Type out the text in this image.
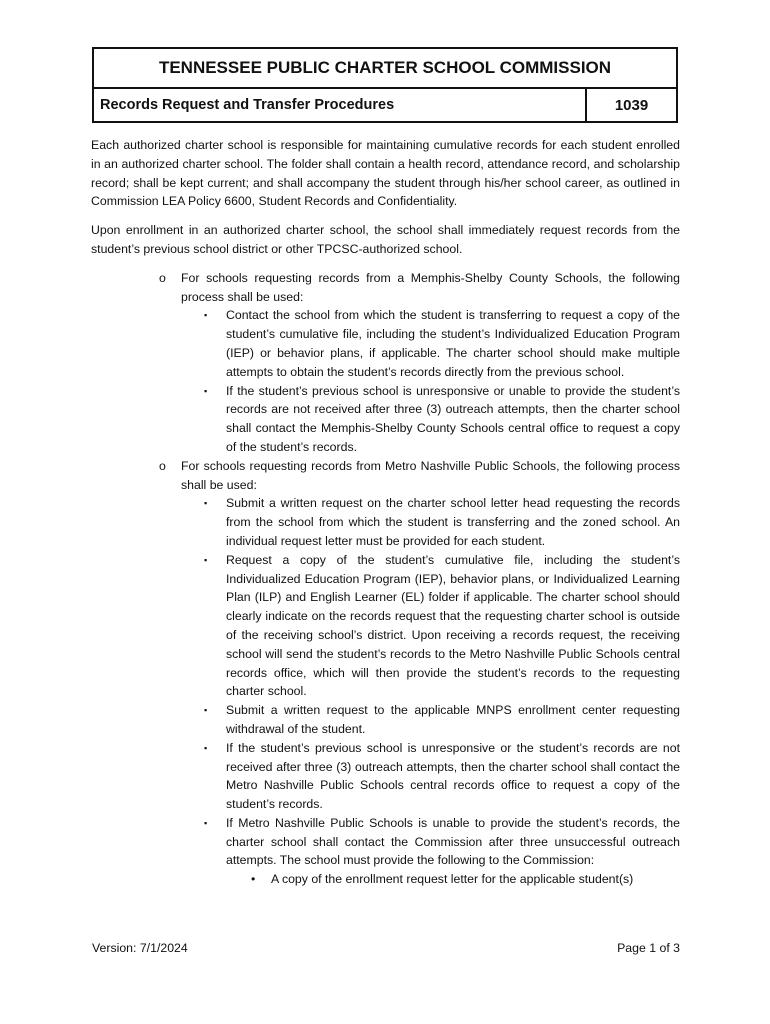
TENNESSEE PUBLIC CHARTER SCHOOL COMMISSION
Records Request and Transfer Procedures	1039

Each authorized charter school is responsible for maintaining cumulative records for each student enrolled in an authorized charter school. The folder shall contain a health record, attendance record, and scholarship record; shall be kept current; and shall accompany the student through his/her school career, as outlined in Commission LEA Policy 6600, Student Records and Confidentiality.

Upon enrollment in an authorized charter school, the school shall immediately request records from the student’s previous school district or other TPCSC-authorized school.

o For schools requesting records from a Memphis-Shelby County Schools, the following process shall be used:
▪ Contact the school from which the student is transferring to request a copy of the student’s cumulative file, including the student’s Individualized Education Program (IEP) or behavior plans, if applicable. The charter school should make multiple attempts to obtain the student’s records directly from the previous school.
▪ If the student’s previous school is unresponsive or unable to provide the student’s records are not received after three (3) outreach attempts, then the charter school shall contact the Memphis-Shelby County Schools central office to request a copy of the student’s records.
o For schools requesting records from Metro Nashville Public Schools, the following process shall be used:
▪ Submit a written request on the charter school letter head requesting the records from the school from which the student is transferring and the zoned school. An individual request letter must be provided for each student.
▪ Request a copy of the student’s cumulative file, including the student’s Individualized Education Program (IEP), behavior plans, or Individualized Learning Plan (ILP) and English Learner (EL) folder if applicable. The charter school should clearly indicate on the records request that the requesting charter school is outside of the receiving school’s district. Upon receiving a records request, the receiving school will send the student’s records to the Metro Nashville Public Schools central records office, which will then provide the student’s records to the requesting charter school.
▪ Submit a written request to the applicable MNPS enrollment center requesting withdrawal of the student.
▪ If the student’s previous school is unresponsive or the student’s records are not received after three (3) outreach attempts, then the charter school shall contact the Metro Nashville Public Schools central records office to request a copy of the student’s records.
▪ If Metro Nashville Public Schools is unable to provide the student’s records, the charter school shall contact the Commission after three unsuccessful outreach attempts. The school must provide the following to the Commission:
• A copy of the enrollment request letter for the applicable student(s)
Version: 7/1/2024	Page 1 of 3
